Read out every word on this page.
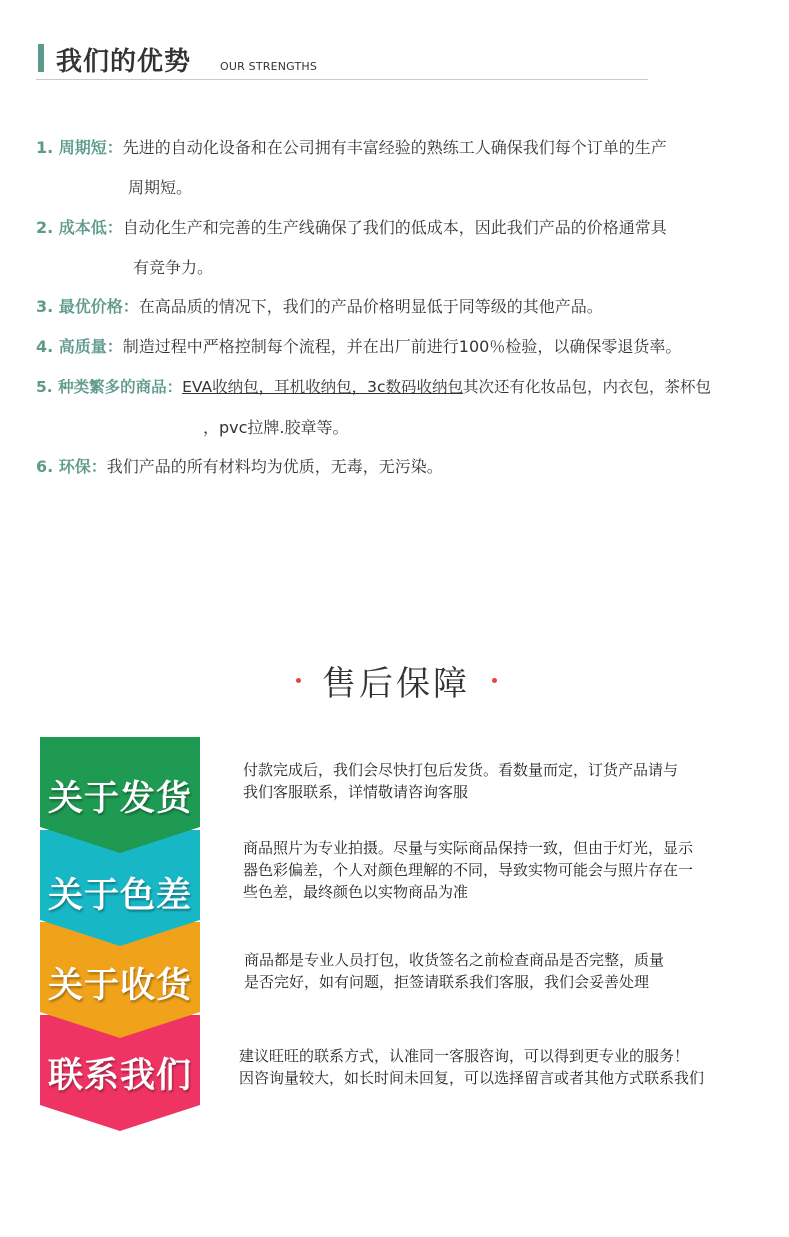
我们的优势	OUR STRENGTHS
1. 周期短：先进的自动化设备和在公司拥有丰富经验的熟练工人确保我们每个订单的生产
周期短。
2. 成本低：自动化生产和完善的生产线确保了我们的低成本，因此我们产品的价格通常具
有竞争力。
3. 最优价格：在高品质的情况下，我们的产品价格明显低于同等级的其他产品。
4. 高质量：制造过程中严格控制每个流程，并在出厂前进行100％检验，以确保零退货率。
5. 种类繁多的商品：EVA收纳包，耳机收纳包，3c数码收纳包其次还有化妆品包，内衣包，茶杯包
，pvc拉牌.胶章等。
6. 环保：我们产品的所有材料均为优质，无毒，无污染。
售后保障
联系我们
关于收货
关于色差
关于发货
付款完成后，我们会尽快打包后发货。看数量而定，订货产品请与
我们客服联系，详情敬请咨询客服
商品照片为专业拍摄。尽量与实际商品保持一致，但由于灯光，显示
器色彩偏差，个人对颜色理解的不同，导致实物可能会与照片存在一
些色差，最终颜色以实物商品为准
商品都是专业人员打包，收货签名之前检查商品是否完整，质量
是否完好，如有问题，拒签请联系我们客服，我们会妥善处理
建议旺旺的联系方式，认准同一客服咨询，可以得到更专业的服务！
因咨询量较大，如长时间未回复，可以选择留言或者其他方式联系我们
